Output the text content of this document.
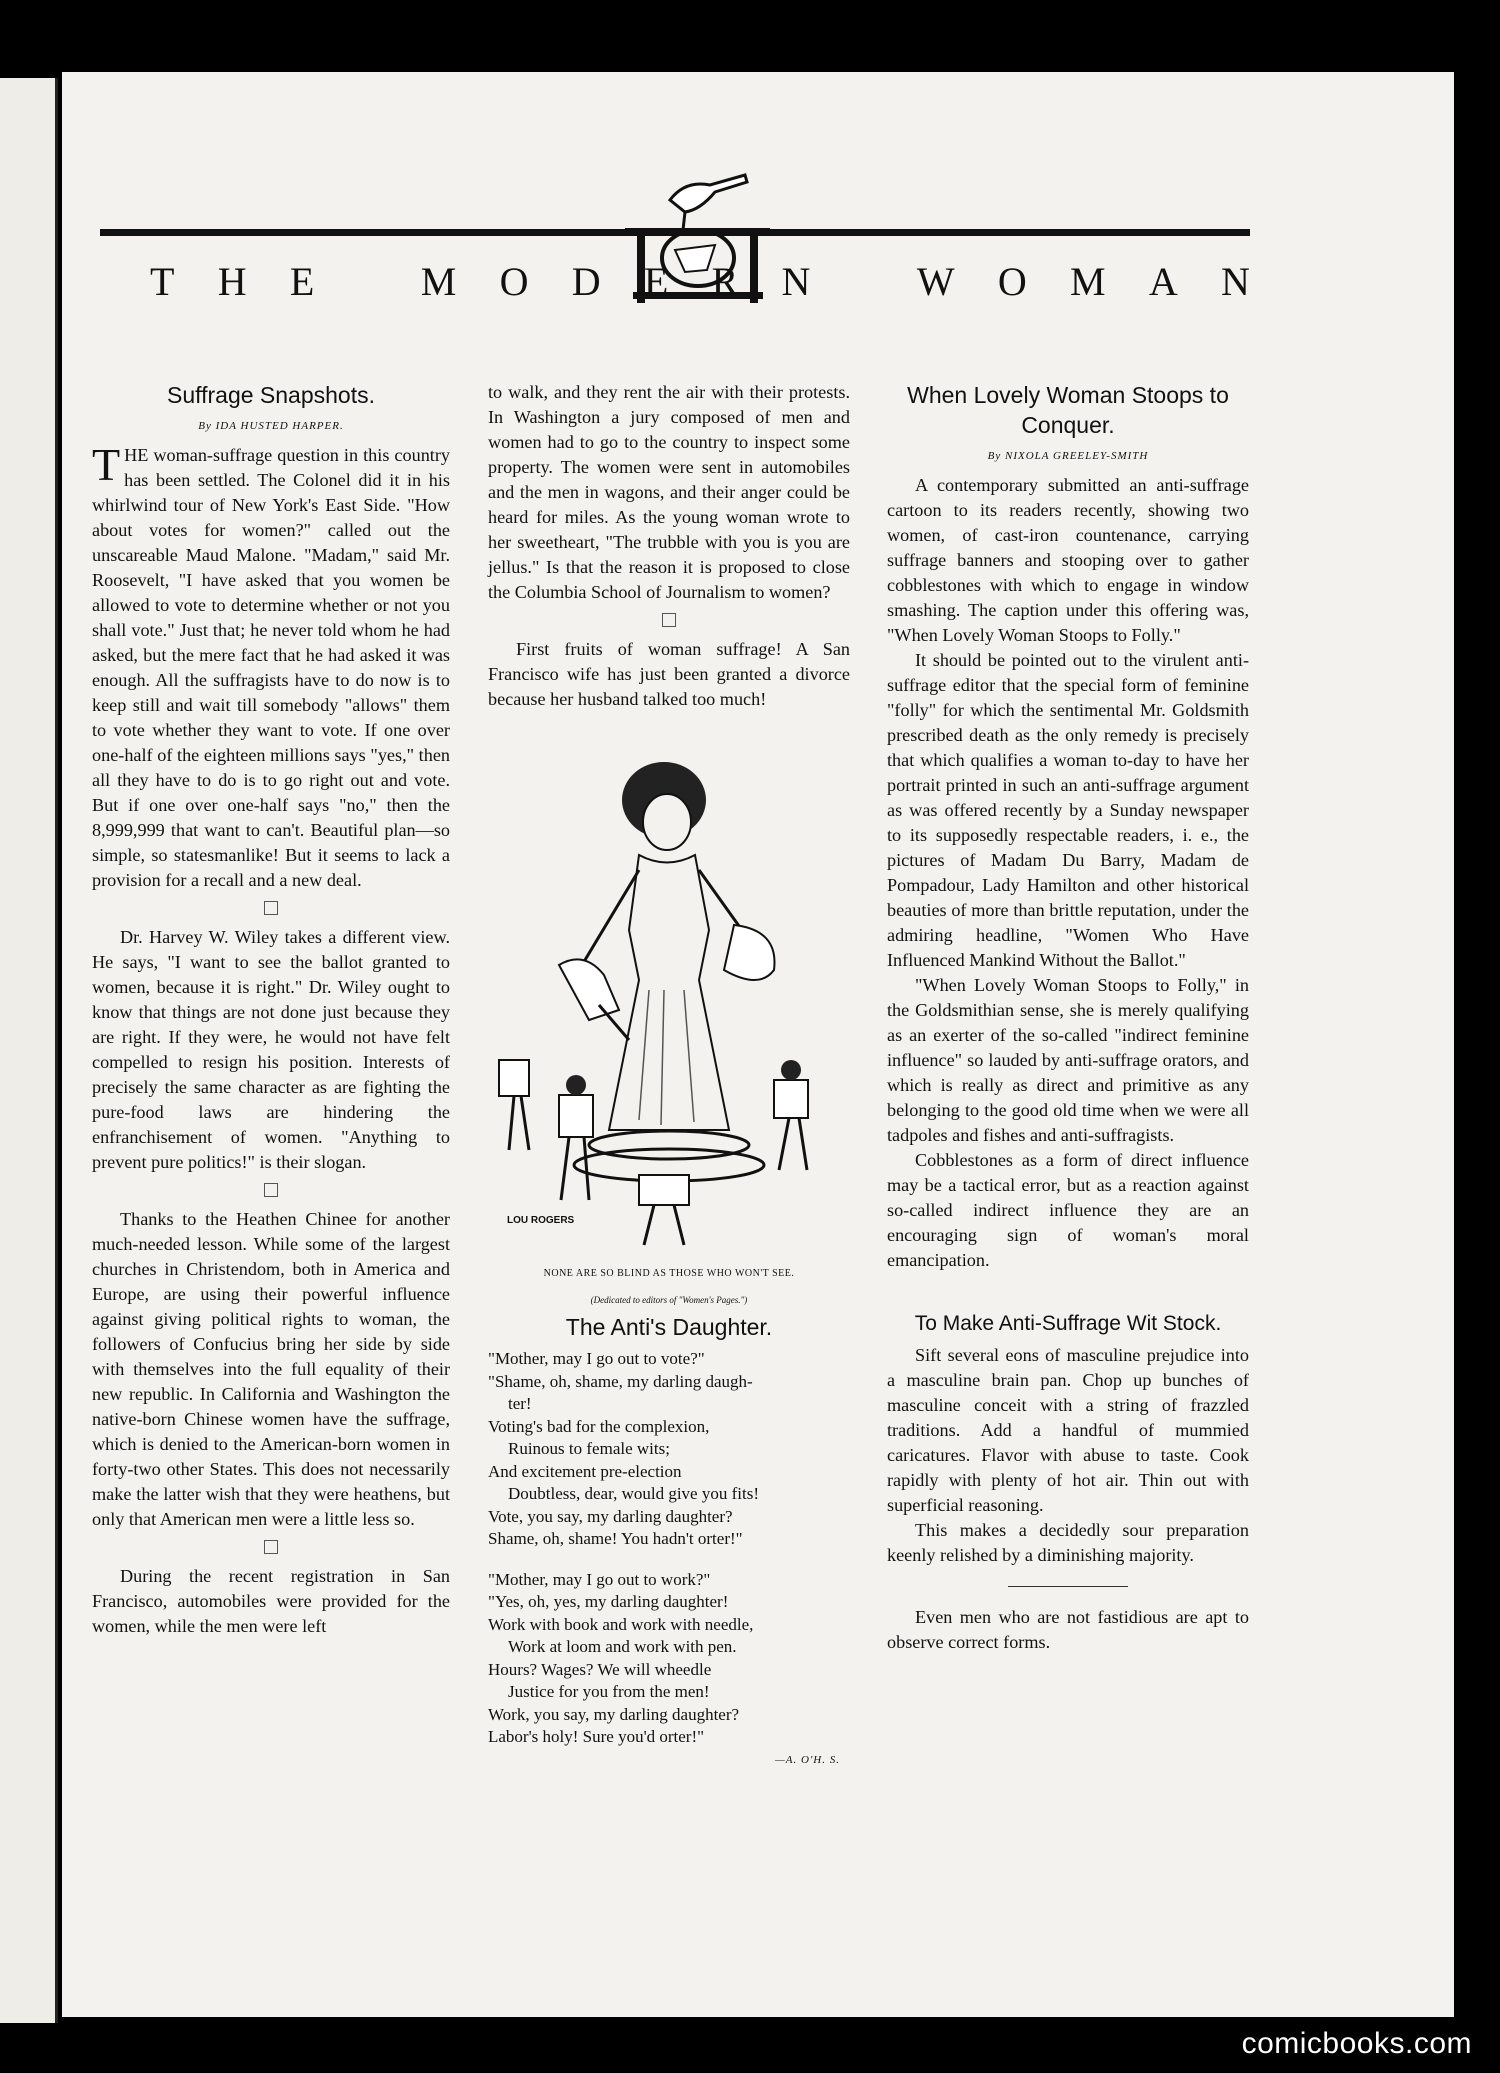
T H E	M O D E R N	W O M A N
Suffrage Snapshots.
By IDA HUSTED HARPER.

THE woman-suffrage question in this country has been settled. The Colonel did it in his whirlwind tour of New York's East Side. "How about votes for women?" called out the unscareable Maud Malone. "Madam," said Mr. Roosevelt, "I have asked that you women be allowed to vote to determine whether or not you shall vote." Just that; he never told whom he had asked, but the mere fact that he had asked it was enough. All the suffragists have to do now is to keep still and wait till somebody "allows" them to vote whether they want to vote. If one over one-half of the eighteen millions says "yes," then all they have to do is to go right out and vote. But if one over one-half says "no," then the 8,999,999 that want to can't. Beautiful plan—so simple, so statesmanlike! But it seems to lack a provision for a recall and a new deal.

Dr. Harvey W. Wiley takes a different view. He says, "I want to see the ballot granted to women, because it is right." Dr. Wiley ought to know that things are not done just because they are right. If they were, he would not have felt compelled to resign his position. Interests of precisely the same character as are fighting the pure-food laws are hindering the enfranchisement of women. "Anything to prevent pure politics!" is their slogan.

Thanks to the Heathen Chinee for another much-needed lesson. While some of the largest churches in Christendom, both in America and Europe, are using their powerful influence against giving political rights to woman, the followers of Confucius bring her side by side with themselves into the full equality of their new republic. In California and Washington the native-born Chinese women have the suffrage, which is denied to the American-born women in forty-two other States. This does not necessarily make the latter wish that they were heathens, but only that American men were a little less so.

During the recent registration in San Francisco, automobiles were provided for the women, while the men were left

to walk, and they rent the air with their protests. In Washington a jury composed of men and women had to go to the country to inspect some property. The women were sent in automobiles and the men in wagons, and their anger could be heard for miles. As the young woman wrote to her sweetheart, "The trubble with you is you are jellus." Is that the reason it is proposed to close the Columbia School of Journalism to women?

First fruits of woman suffrage! A San Francisco wife has just been granted a divorce because her husband talked too much!

LOU ROGERS
NONE ARE SO BLIND AS THOSE WHO WON'T SEE.
(Dedicated to editors of "Women's Pages.")
The Anti's Daughter.
"Mother, may I go out to vote?"
"Shame, oh, shame, my darling daugh-
ter!
Voting's bad for the complexion,
Ruinous to female wits;
And excitement pre-election
Doubtless, dear, would give you fits!
Vote, you say, my darling daughter?
Shame, oh, shame! You hadn't orter!"
"Mother, may I go out to work?"
"Yes, oh, yes, my darling daughter!
Work with book and work with needle,
Work at loom and work with pen.
Hours? Wages? We will wheedle
Justice for you from the men!
Work, you say, my darling daughter?
Labor's holy! Sure you'd orter!"
—A. O'H. S.
When Lovely Woman Stoops to Conquer.
By NIXOLA GREELEY-SMITH

A contemporary submitted an anti-suffrage cartoon to its readers recently, showing two women, of cast-iron countenance, carrying suffrage banners and stooping over to gather cobblestones with which to engage in window smashing. The caption under this offering was, "When Lovely Woman Stoops to Folly."

It should be pointed out to the virulent anti-suffrage editor that the special form of feminine "folly" for which the sentimental Mr. Goldsmith prescribed death as the only remedy is precisely that which qualifies a woman to-day to have her portrait printed in such an anti-suffrage argument as was offered recently by a Sunday newspaper to its supposedly respectable readers, i. e., the pictures of Madam Du Barry, Madam de Pompadour, Lady Hamilton and other historical beauties of more than brittle reputation, under the admiring headline, "Women Who Have Influenced Mankind Without the Ballot."

"When Lovely Woman Stoops to Folly," in the Goldsmithian sense, she is merely qualifying as an exerter of the so-called "indirect feminine influence" so lauded by anti-suffrage orators, and which is really as direct and primitive as any belonging to the good old time when we were all tadpoles and fishes and anti-suffragists.

Cobblestones as a form of direct influence may be a tactical error, but as a reaction against so-called indirect influence they are an encouraging sign of woman's moral emancipation.

To Make Anti-Suffrage Wit Stock.

Sift several eons of masculine prejudice into a masculine brain pan. Chop up bunches of masculine conceit with a string of frazzled traditions. Add a handful of mummied caricatures. Flavor with abuse to taste. Cook rapidly with plenty of hot air. Thin out with superficial reasoning.

This makes a decidedly sour preparation keenly relished by a diminishing majority.

Even men who are not fastidious are apt to observe correct forms.

comicbooks.com
